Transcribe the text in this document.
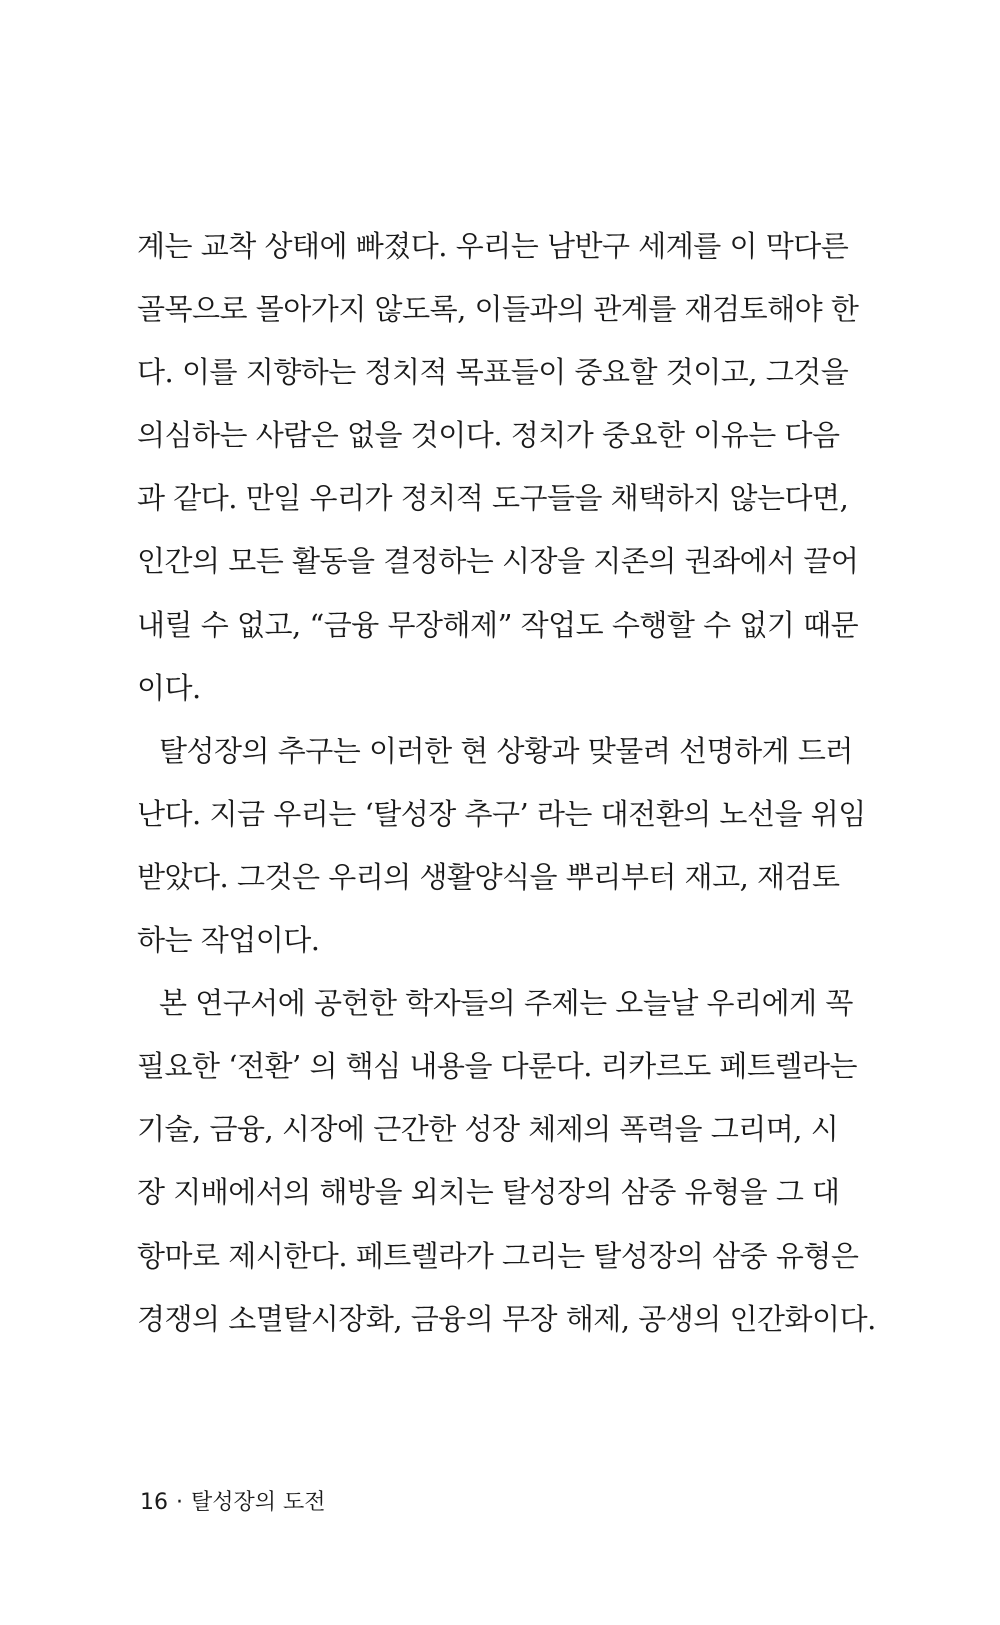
계는 교착 상태에 빠졌다. 우리는 남반구 세계를 이 막다른
골목으로 몰아가지 않도록, 이들과의 관계를 재검토해야 한
다. 이를 지향하는 정치적 목표들이 중요할 것이고, 그것을
의심하는 사람은 없을 것이다. 정치가 중요한 이유는 다음
과 같다. 만일 우리가 정치적 도구들을 채택하지 않는다면,
인간의 모든 활동을 결정하는 시장을 지존의 권좌에서 끌어
내릴 수 없고, “금융 무장해제” 작업도 수행할 수 없기 때문
이다.
탈성장의 추구는 이러한 현 상황과 맞물려 선명하게 드러
난다. 지금 우리는 ‘탈성장 추구’ 라는 대전환의 노선을 위임
받았다. 그것은 우리의 생활양식을 뿌리부터 재고, 재검토
하는 작업이다.
본 연구서에 공헌한 학자들의 주제는 오늘날 우리에게 꼭
필요한 ‘전환’ 의 핵심 내용을 다룬다. 리카르도 페트렐라는
기술, 금융, 시장에 근간한 성장 체제의 폭력을 그리며, 시
장 지배에서의 해방을 외치는 탈성장의 삼중 유형을 그 대
항마로 제시한다. 페트렐라가 그리는 탈성장의 삼중 유형은
경쟁의 소멸탈시장화, 금융의 무장 해제, 공생의 인간화이다.
16 · 탈성장의 도전
